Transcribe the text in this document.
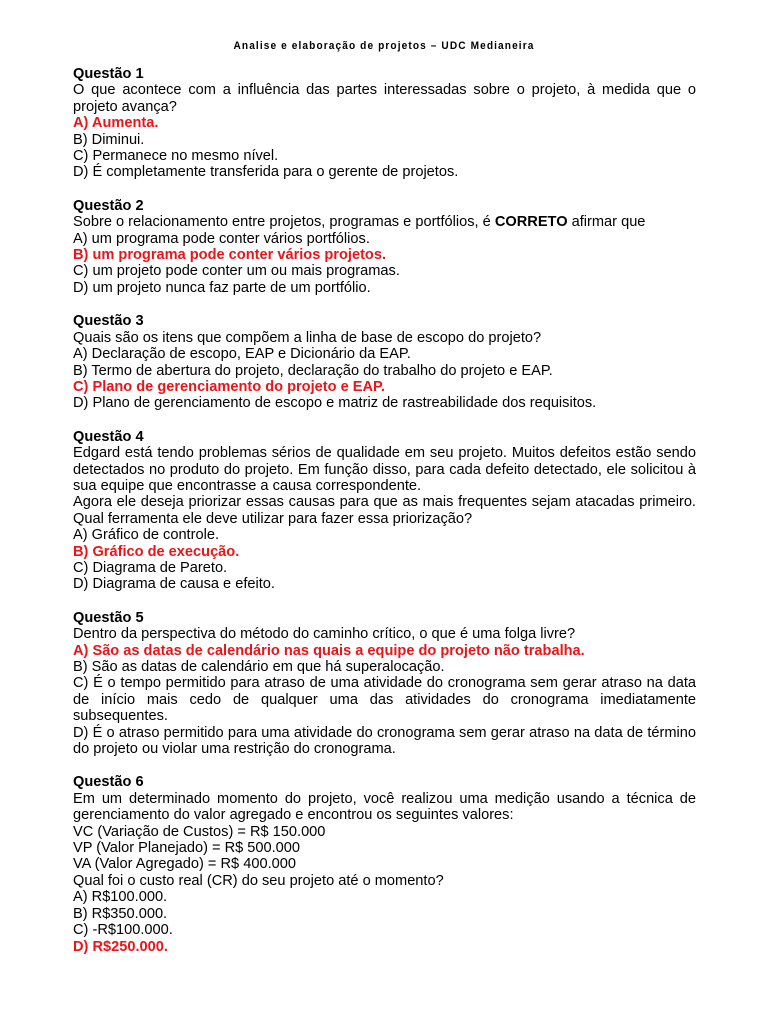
Analise e elaboração de projetos – UDC Medianeira
Questão 1
O que acontece com a influência das partes interessadas sobre o projeto, à medida que o projeto avança?
A) Aumenta.
B) Diminui.
C) Permanece no mesmo nível.
D) É completamente transferida para o gerente de projetos.
Questão 2
Sobre o relacionamento entre projetos, programas e portfólios, é CORRETO afirmar que
A) um programa pode conter vários portfólios.
B) um programa pode conter vários projetos.
C) um projeto pode conter um ou mais programas.
D) um projeto nunca faz parte de um portfólio.
Questão 3
Quais são os itens que compõem a linha de base de escopo do projeto?
A) Declaração de escopo, EAP e Dicionário da EAP.
B) Termo de abertura do projeto, declaração do trabalho do projeto e EAP.
C) Plano de gerenciamento do projeto e EAP.
D) Plano de gerenciamento de escopo e matriz de rastreabilidade dos requisitos.
Questão 4
Edgard está tendo problemas sérios de qualidade em seu projeto. Muitos defeitos estão sendo detectados no produto do projeto. Em função disso, para cada defeito detectado, ele solicitou à sua equipe que encontrasse a causa correspondente.
Agora ele deseja priorizar essas causas para que as mais frequentes sejam atacadas primeiro. Qual ferramenta ele deve utilizar para fazer essa priorização?
A) Gráfico de controle.
B) Gráfico de execução.
C) Diagrama de Pareto.
D) Diagrama de causa e efeito.
Questão 5
Dentro da perspectiva do método do caminho crítico, o que é uma folga livre?
A) São as datas de calendário nas quais a equipe do projeto não trabalha.
B) São as datas de calendário em que há superalocação.
C) É o tempo permitido para atraso de uma atividade do cronograma sem gerar atraso na data de início mais cedo de qualquer uma das atividades do cronograma imediatamente subsequentes.
D) É o atraso permitido para uma atividade do cronograma sem gerar atraso na data de término do projeto ou violar uma restrição do cronograma.
Questão 6
Em um determinado momento do projeto, você realizou uma medição usando a técnica de gerenciamento do valor agregado e encontrou os seguintes valores:
VC (Variação de Custos) = R$ 150.000
VP (Valor Planejado) = R$ 500.000
VA (Valor Agregado) = R$ 400.000
Qual foi o custo real (CR) do seu projeto até o momento?
A) R$100.000.
B) R$350.000.
C) -R$100.000.
D) R$250.000.
